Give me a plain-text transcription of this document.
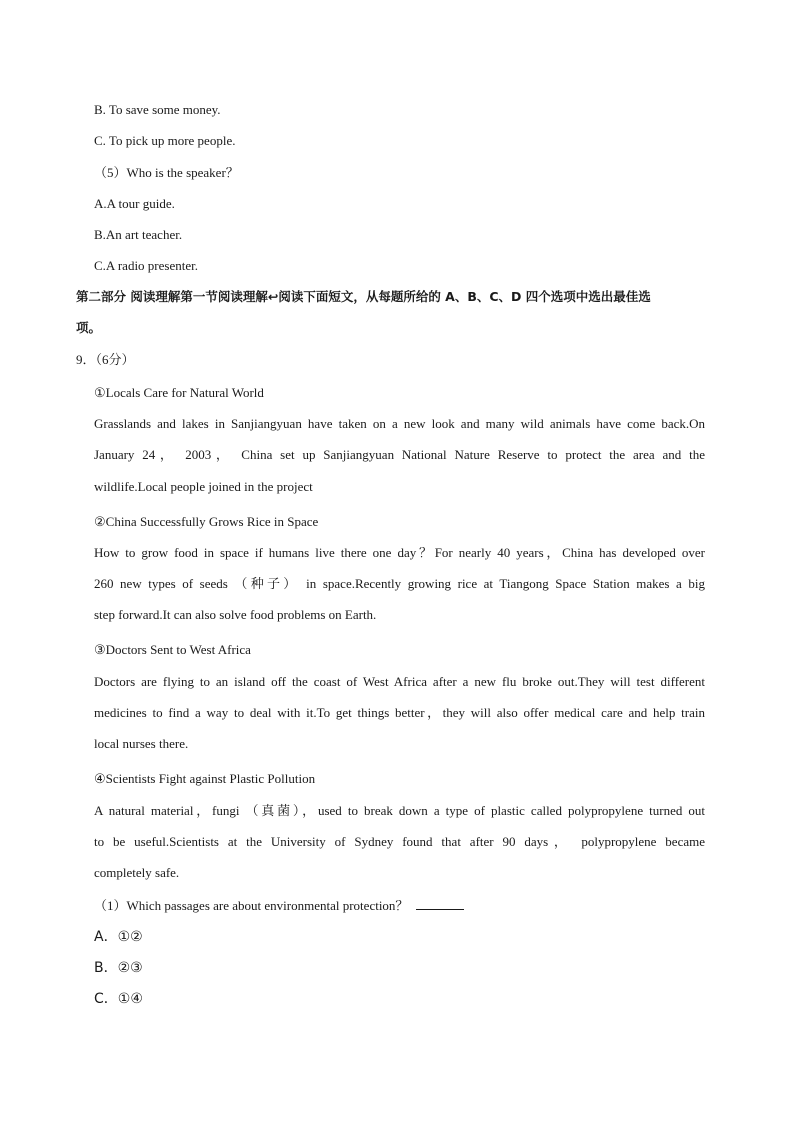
B. To save some money.
C. To pick up more people.
（5）Who is the speaker？
A.A tour guide.
B.An art teacher.
C.A radio presenter.
第二部分 阅读理解第一节阅读理解↩阅读下面短文，从每题所给的 A、B、C、D 四个选项中选出最佳选
项。
9．（6分）
①Locals Care for Natural World
Grasslands and lakes in Sanjiangyuan have taken on a new look and many wild animals have come back.On
January 24， 2003， China set up Sanjiangyuan National Nature Reserve to protect the area and the
wildlife.Local people joined in the project
②China Successfully Grows Rice in Space
How to grow food in space if humans live there one day？For nearly 40 years，China has developed over
260 new types of seeds （种子） in space.Recently growing rice at Tiangong Space Station makes a big
step forward.It can also solve food problems on Earth.
③Doctors Sent to West Africa
Doctors are flying to an island off the coast of West Africa after a new flu broke out.They will test different
medicines to find a way to deal with it.To get things better，they will also offer medical care and help train
local nurses there.
④Scientists Fight against Plastic Pollution
A natural material，fungi （真菌），used to break down a type of plastic called polypropylene turned out
to be useful.Scientists at the University of Sydney found that after 90 days， polypropylene became
completely safe.
（1）Which passages are about environmental protection？
A．①②
B．②③
C．①④
